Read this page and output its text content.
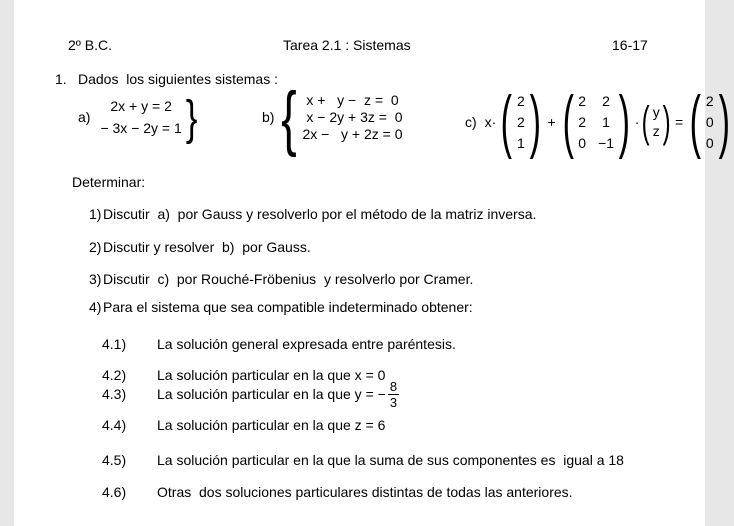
2º B.C.	Tarea 2.1 : Sistemas	16-17
1. Dados  los siguientes sistemas :
a)
2x + y = 2
− 3x − 2y = 1 }	b) { x +   y −  z =  0
x − 2y + 3z =  0
2x −   y + 2z = 0
c) x· ( 2
2
1 ) + ( 2 2
2 1
0 −1 ) · ( y
z ) = ( 2
0
0 )
Determinar:
1) Discutir  a)  por Gauss y resolverlo por el método de la matriz inversa.
2) Discutir y resolver  b)  por Gauss.
3) Discutir  c)  por Rouché-Fröbenius  y resolverlo por Cramer.
4) Para el sistema que sea compatible indeterminado obtener:
4.1) La solución general expresada entre paréntesis.
4.2) La solución particular en la que x = 0
4.3)	La solución particular en la que y = − $\frac{8}{3}$
4.4) La solución particular en la que z = 6
4.5) La solución particular en la que la suma de sus componentes es  igual a 18
4.6) Otras  dos soluciones particulares distintas de todas las anteriores.
